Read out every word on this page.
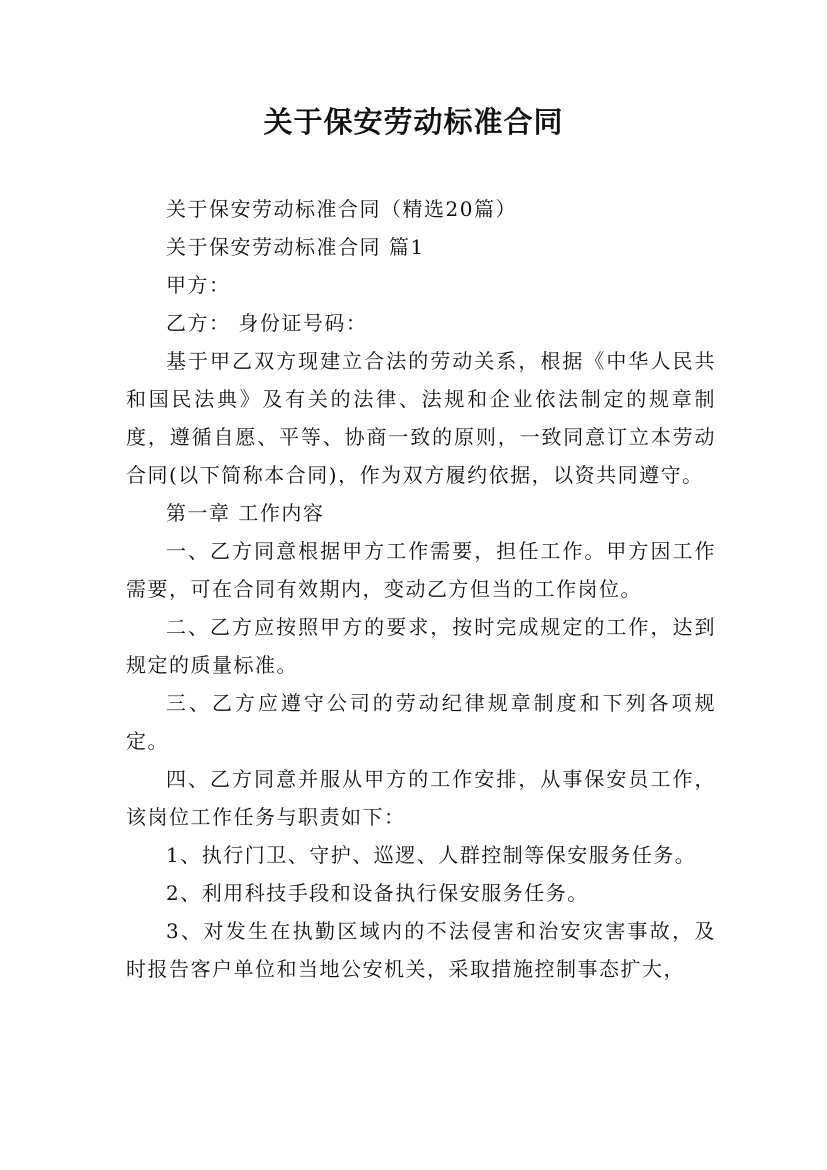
关于保安劳动标准合同

关于保安劳动标准合同（精选20篇）

关于保安劳动标准合同 篇1

甲方：

乙方： 身份证号码：

基于甲乙双方现建立合法的劳动关系，根据《中华人民共和国民法典》及有关的法律、法规和企业依法制定的规章制度，遵循自愿、平等、协商一致的原则，一致同意订立本劳动合同(以下简称本合同)，作为双方履约依据，以资共同遵守。

第一章 工作内容

一、乙方同意根据甲方工作需要，担任工作。甲方因工作需要，可在合同有效期内，变动乙方但当的工作岗位。

二、乙方应按照甲方的要求，按时完成规定的工作，达到规定的质量标准。

三、乙方应遵守公司的劳动纪律规章制度和下列各项规定。

四、乙方同意并服从甲方的工作安排，从事保安员工作，该岗位工作任务与职责如下：

1、执行门卫、守护、巡逻、人群控制等保安服务任务。

2、利用科技手段和设备执行保安服务任务。

3、对发生在执勤区域内的不法侵害和治安灾害事故，及时报告客户单位和当地公安机关，采取措施控制事态扩大，
